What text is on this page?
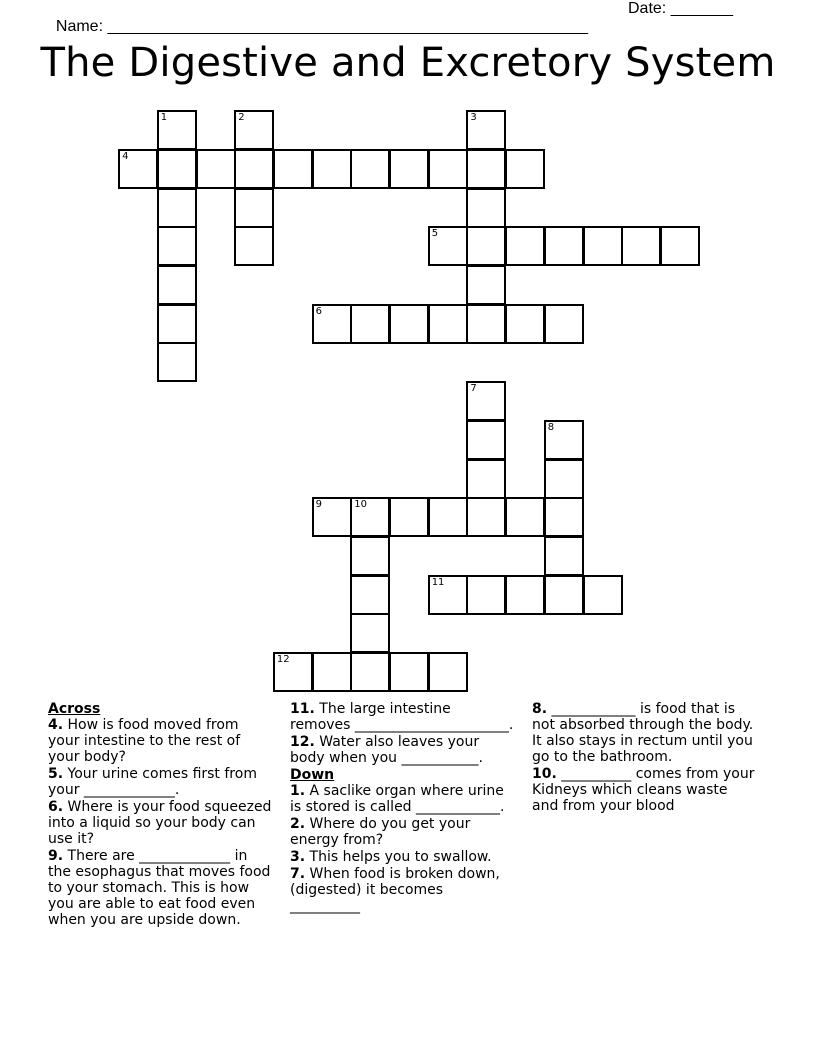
Name: ______________________________________________________

Date: _______

The Digestive and Excretory System
1	2	3
4
5
6
7
8
9	10
11
12
Across
4. How is food moved from your intestine to the rest of your body?
5. Your urine comes first from your _____________.
6. Where is your food squeezed into a liquid so your body can use it?
9. There are _____________ in the esophagus that moves food to your stomach. This is how you are able to eat food even when you are upside down.
11. The large intestine removes ______________________.
12. Water also leaves your body when you ___________.
Down
1. A saclike organ where urine is stored is called ____________.
2. Where do you get your energy from?
3. This helps you to swallow.
7. When food is broken down, (digested) it becomes __________
8. ____________ is food that is not absorbed through the body. It also stays in rectum until you go to the bathroom.
10. __________ comes from your Kidneys which cleans waste and from your blood
